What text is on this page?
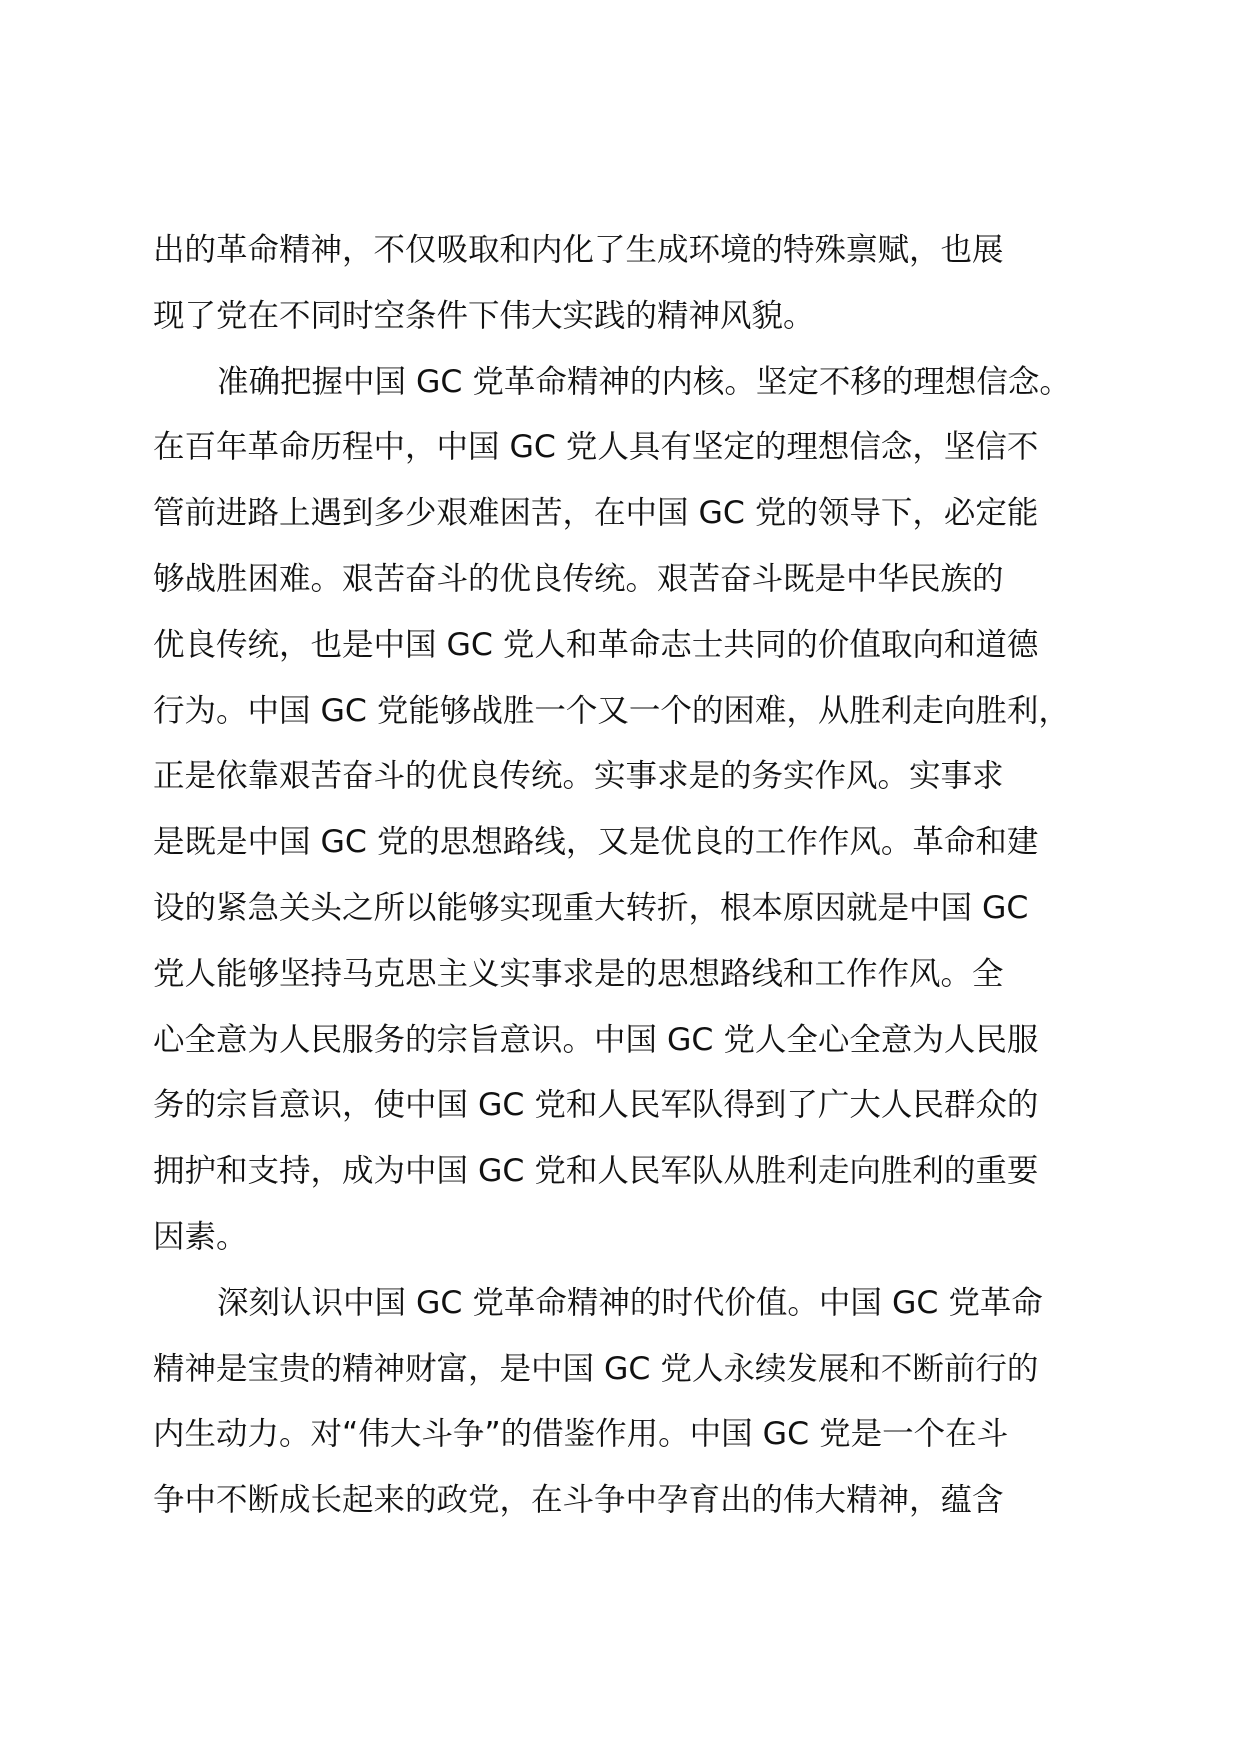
出的革命精神，不仅吸取和内化了生成环境的特殊禀赋，也展
现了党在不同时空条件下伟大实践的精神风貌。
准确把握中国 GC 党革命精神的内核。坚定不移的理想信念。
在百年革命历程中，中国 GC 党人具有坚定的理想信念，坚信不
管前进路上遇到多少艰难困苦，在中国 GC 党的领导下，必定能
够战胜困难。艰苦奋斗的优良传统。艰苦奋斗既是中华民族的
优良传统，也是中国 GC 党人和革命志士共同的价值取向和道德
行为。中国 GC 党能够战胜一个又一个的困难，从胜利走向胜利，
正是依靠艰苦奋斗的优良传统。实事求是的务实作风。实事求
是既是中国 GC 党的思想路线，又是优良的工作作风。革命和建
设的紧急关头之所以能够实现重大转折，根本原因就是中国 GC
党人能够坚持马克思主义实事求是的思想路线和工作作风。全
心全意为人民服务的宗旨意识。中国 GC 党人全心全意为人民服
务的宗旨意识，使中国 GC 党和人民军队得到了广大人民群众的
拥护和支持，成为中国 GC 党和人民军队从胜利走向胜利的重要
因素。
深刻认识中国 GC 党革命精神的时代价值。中国 GC 党革命
精神是宝贵的精神财富，是中国 GC 党人永续发展和不断前行的
内生动力。对“伟大斗争”的借鉴作用。中国 GC 党是一个在斗
争中不断成长起来的政党，在斗争中孕育出的伟大精神，蕴含
